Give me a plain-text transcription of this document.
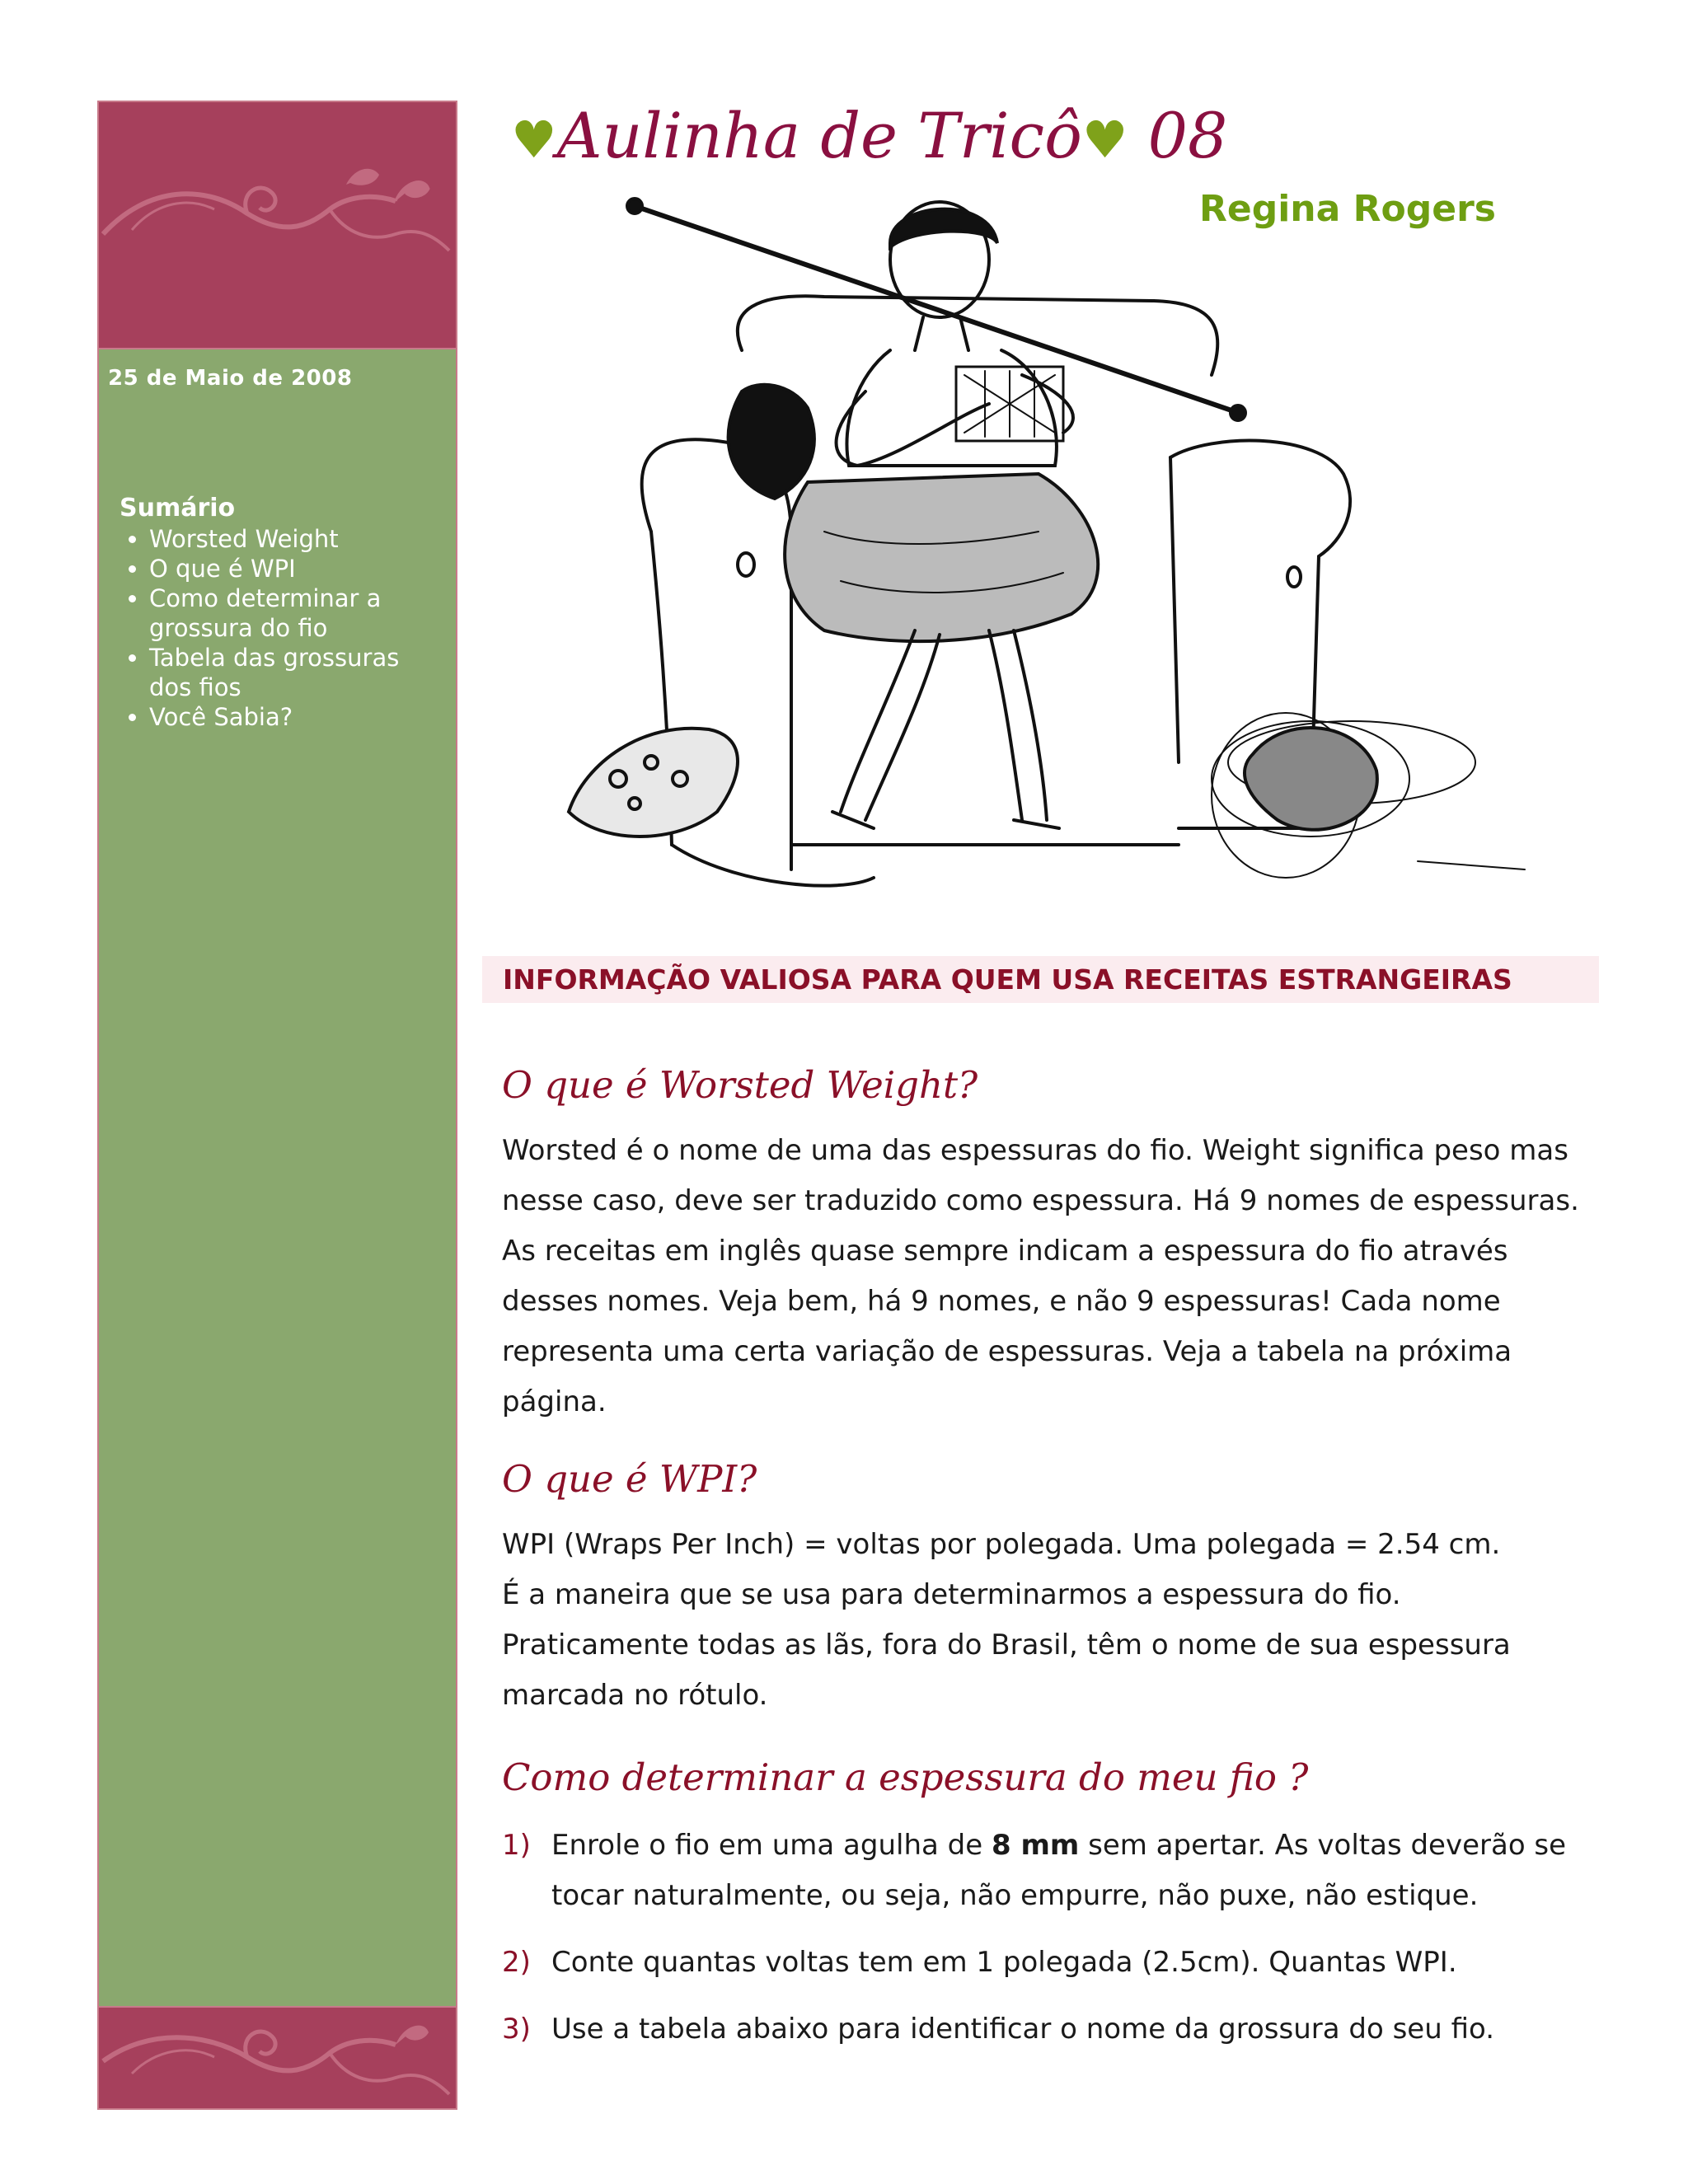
25 de Maio de 2008
Sumário
• Worsted Weight
• O que é WPI
• Como determinar a grossura do fio
• Tabela das grossuras dos fios
• Você Sabia?
♥Aulinha de Tricô♥ 08
Regina Rogers
INFORMAÇÃO VALIOSA PARA QUEM USA RECEITAS ESTRANGEIRAS
O que é Worsted Weight?
Worsted é o nome de uma das espessuras do fio. Weight significa peso mas
nesse caso, deve ser traduzido como espessura. Há 9 nomes de espessuras.
As receitas em inglês quase sempre indicam a espessura do fio através
desses nomes. Veja bem, há 9 nomes, e não 9 espessuras! Cada nome
representa uma certa variação de espessuras. Veja a tabela na próxima
página.
O que é WPI?
WPI (Wraps Per Inch) = voltas por polegada. Uma polegada = 2.54 cm.
É a maneira que se usa para determinarmos a espessura do fio.
Praticamente todas as lãs, fora do Brasil, têm o nome de sua espessura
marcada no rótulo.
Como determinar a espessura do meu fio ?
1) Enrole o fio em uma agulha de 8 mm sem apertar. As voltas deverão se
tocar naturalmente, ou seja, não empurre, não puxe, não estique.
2) Conte quantas voltas tem em 1 polegada (2.5cm). Quantas WPI.
3) Use a tabela abaixo para identificar o nome da grossura do seu fio.
